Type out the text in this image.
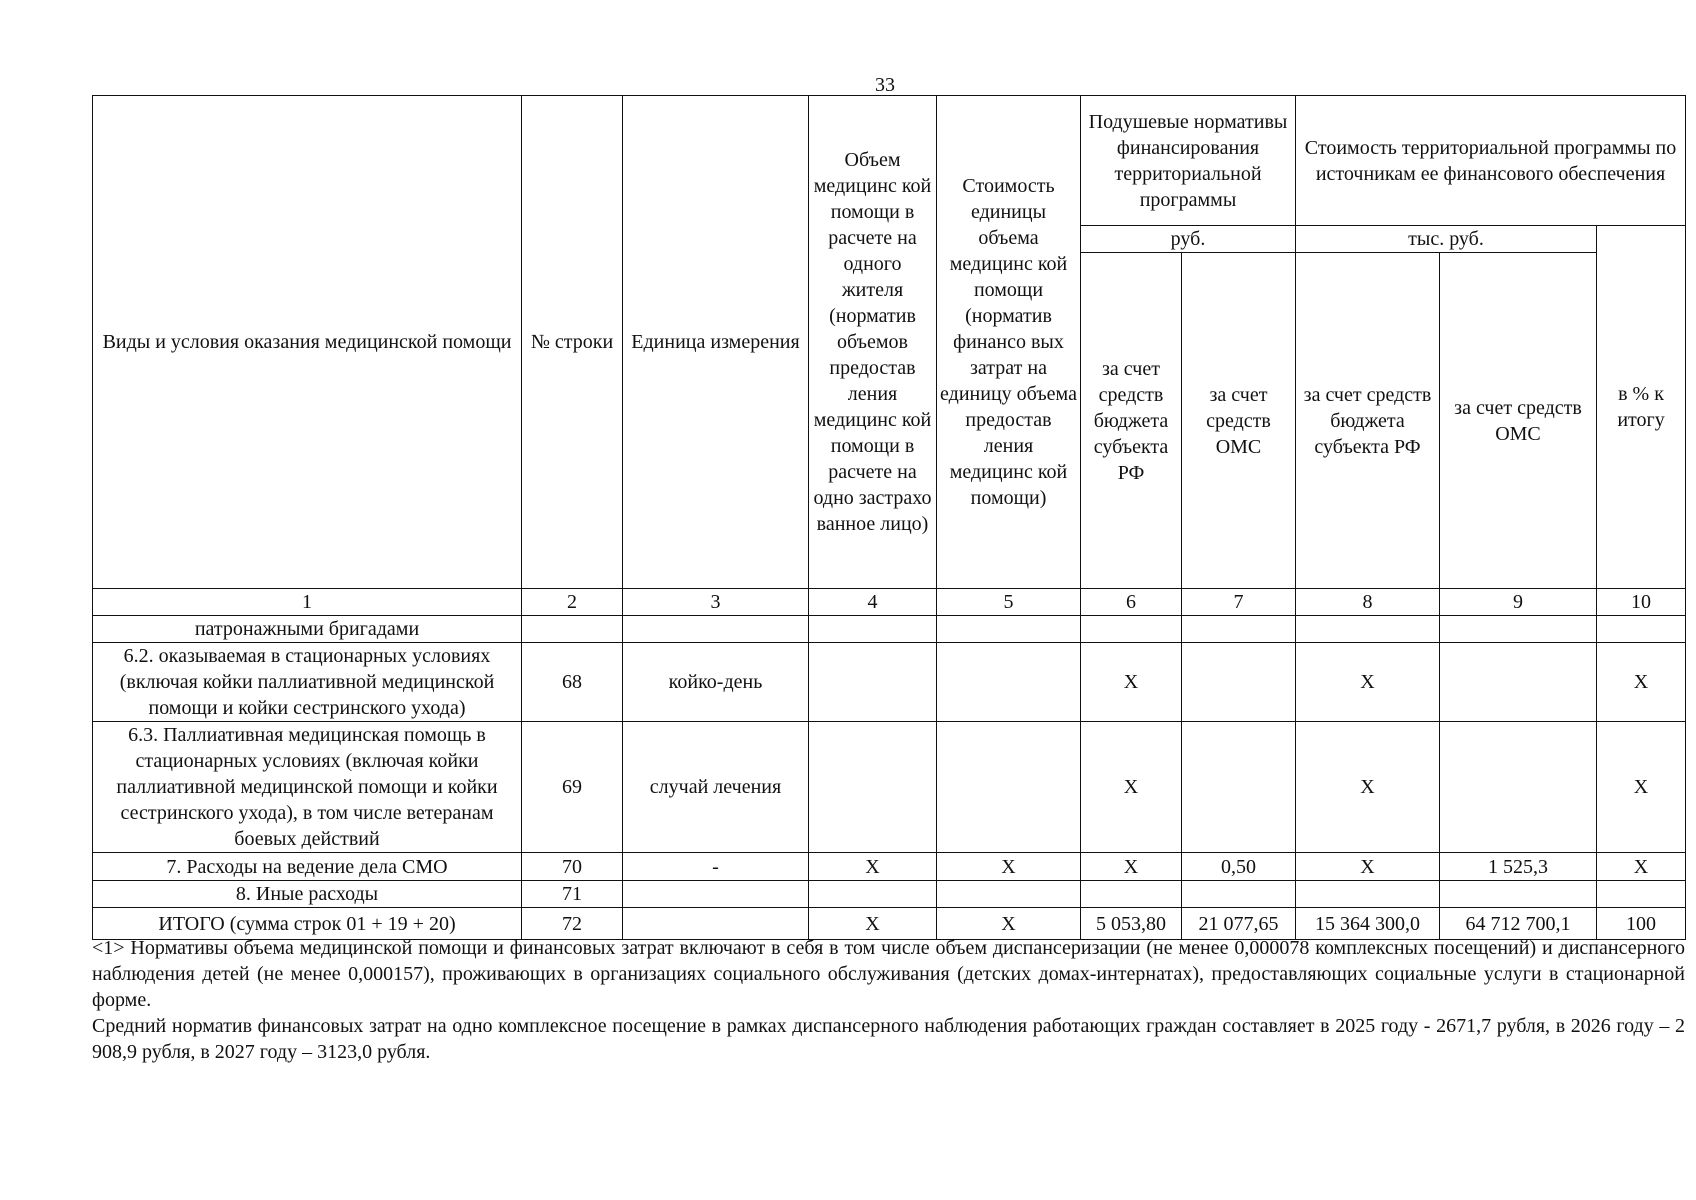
33
Виды и условия оказания медицинской помощи	№ строки	Единица измерения	Объем медицинс кой помощи в расчете на одного жителя (норматив объемов предостав ления медицинс кой помощи в расчете на одно застрахо ванное лицо)	Стоимость единицы объема медицинс кой помощи (норматив финансо вых затрат на единицу объема предостав ления медицинс кой помощи)	Подушевые нормативы финансирования территориальной программы		Стоимость территориальной программы по источникам ее финансового обеспечения		
					руб.		тыс. руб.		в % к итогу
					за счет средств бюджета субъекта РФ	за счет средств ОМС	за счет средств бюджета субъекта РФ	за счет средств ОМС	

1	2	3	4	5	6	7	8	9	10
патронажными бригадами									
6.2. оказываемая в стационарных условиях (включая койки паллиативной медицинской помощи и койки сестринского ухода)	68	койко-день			X		X		X
6.3. Паллиативная медицинская помощь в стационарных условиях (включая койки паллиативной медицинской помощи и койки сестринского ухода), в том числе ветеранам боевых действий	69	случай лечения			X		X		X
7. Расходы на ведение дела СМО	70	-	X	X	X	0,50	X	1 525,3	X
8. Иные расходы	71								
ИТОГО (сумма строк 01 + 19 + 20)	72		X	X	5 053,80	21 077,65	15 364 300,0	64 712 700,1	100
<1> Нормативы объема медицинской помощи и финансовых затрат включают в себя в том числе объем диспансеризации (не менее 0,000078 комплексных посещений) и диспансерного наблюдения детей (не менее 0,000157), проживающих в организациях социального обслуживания (детских домах-интернатах), предоставляющих социальные услуги в стационарной форме.
Средний норматив финансовых затрат на одно комплексное посещение в рамках диспансерного наблюдения работающих граждан составляет в 2025 году - 2671,7 рубля, в 2026 году – 2 908,9 рубля, в 2027 году – 3123,0 рубля.
